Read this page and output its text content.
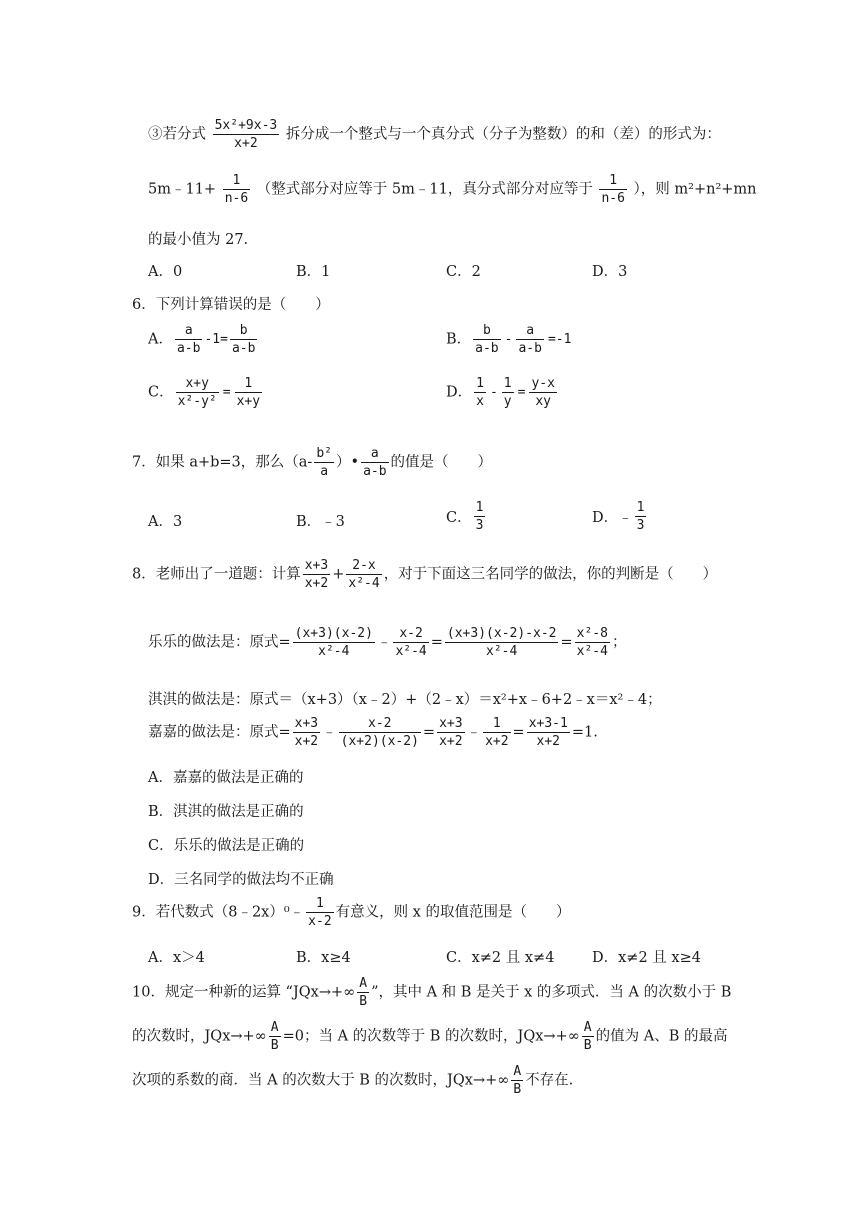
③若分式 $\frac{\text{5x²+9x-3}}{x+2}$ 拆分成一个整式与一个真分式（分子为整数）的和（差）的形式为：
5m﹣11+ $\frac{1}{n-6}$ （整式部分对应等于 5m﹣11，真分式部分对应等于 $\frac{1}{n-6}$ ），则 m²+n²+mn
的最小值为 27.
A．0	B．1	C．2	D．3
6．下列计算错误的是（　　）
A． $\frac{a}{a-b} -1= \frac{b}{a-b}$	B． $\frac{b}{a-b} - \frac{a}{a-b} =-1$
C． $\frac{x+y}{\text{x²-y²}} = \frac{1}{x+y}$	D． $\frac{1}{x} - \frac{1}{y} = \frac{y-x}{xy}$
7．如果 a+b=3，那么（$a- \frac{\text{b²}}{a}$ ）• $\frac{a}{a-b}$ 的值是（　　）
A．3	B．﹣3	C． $\frac{1}{3}$	D．﹣ $\frac{1}{3}$
8．老师出了一道题：计算 $\frac{x+3}{x+2} + \frac{2-x}{\text{x²-4}}$ ，对于下面这三名同学的做法，你的判断是（　　）
乐乐的做法是：原式= $\frac{(x+3)(x-2)}{\text{x²-4}}$ ﹣ $\frac{x-2}{\text{x²-4}} = \frac{(x+3)(x-2)-x-2}{\text{x²-4}} = \frac{\text{x²-8}}{\text{x²-4}}$ ；
淇淇的做法是：原式＝（x+3）（x﹣2）+（2﹣x）＝x²+x﹣6+2﹣x＝x²﹣4；
嘉嘉的做法是：原式= $\frac{x+3}{x+2}$ ﹣ $\frac{x-2}{(x+2)(x-2)} = \frac{x+3}{x+2}$ ﹣ $\frac{1}{x+2} = \frac{x+3-1}{x+2} =1$.
A．嘉嘉的做法是正确的
B．淇淇的做法是正确的
C．乐乐的做法是正确的
D．三名同学的做法均不正确
9．若代数式（8﹣2x）⁰﹣ $\frac{1}{x-2}$ 有意义，则 x 的取值范围是（　　）
A．x＞4	B．x≥4	C．x≠2 且 x≠4	D．x≠2 且 x≥4
10．规定一种新的运算 “$JQx\to+\infty \frac{A}{B}$ ”，其中 A 和 B 是关于 x 的多项式．当 A 的次数小于 B
的次数时，$JQx\to+\infty \frac{A}{B} =0$；当 A 的次数等于 B 的次数时，$JQx\to+\infty \frac{A}{B}$ 的值为 A、B 的最高
次项的系数的商．当 A 的次数大于 B 的次数时，$JQx\to+\infty \frac{A}{B}$ 不存在.
